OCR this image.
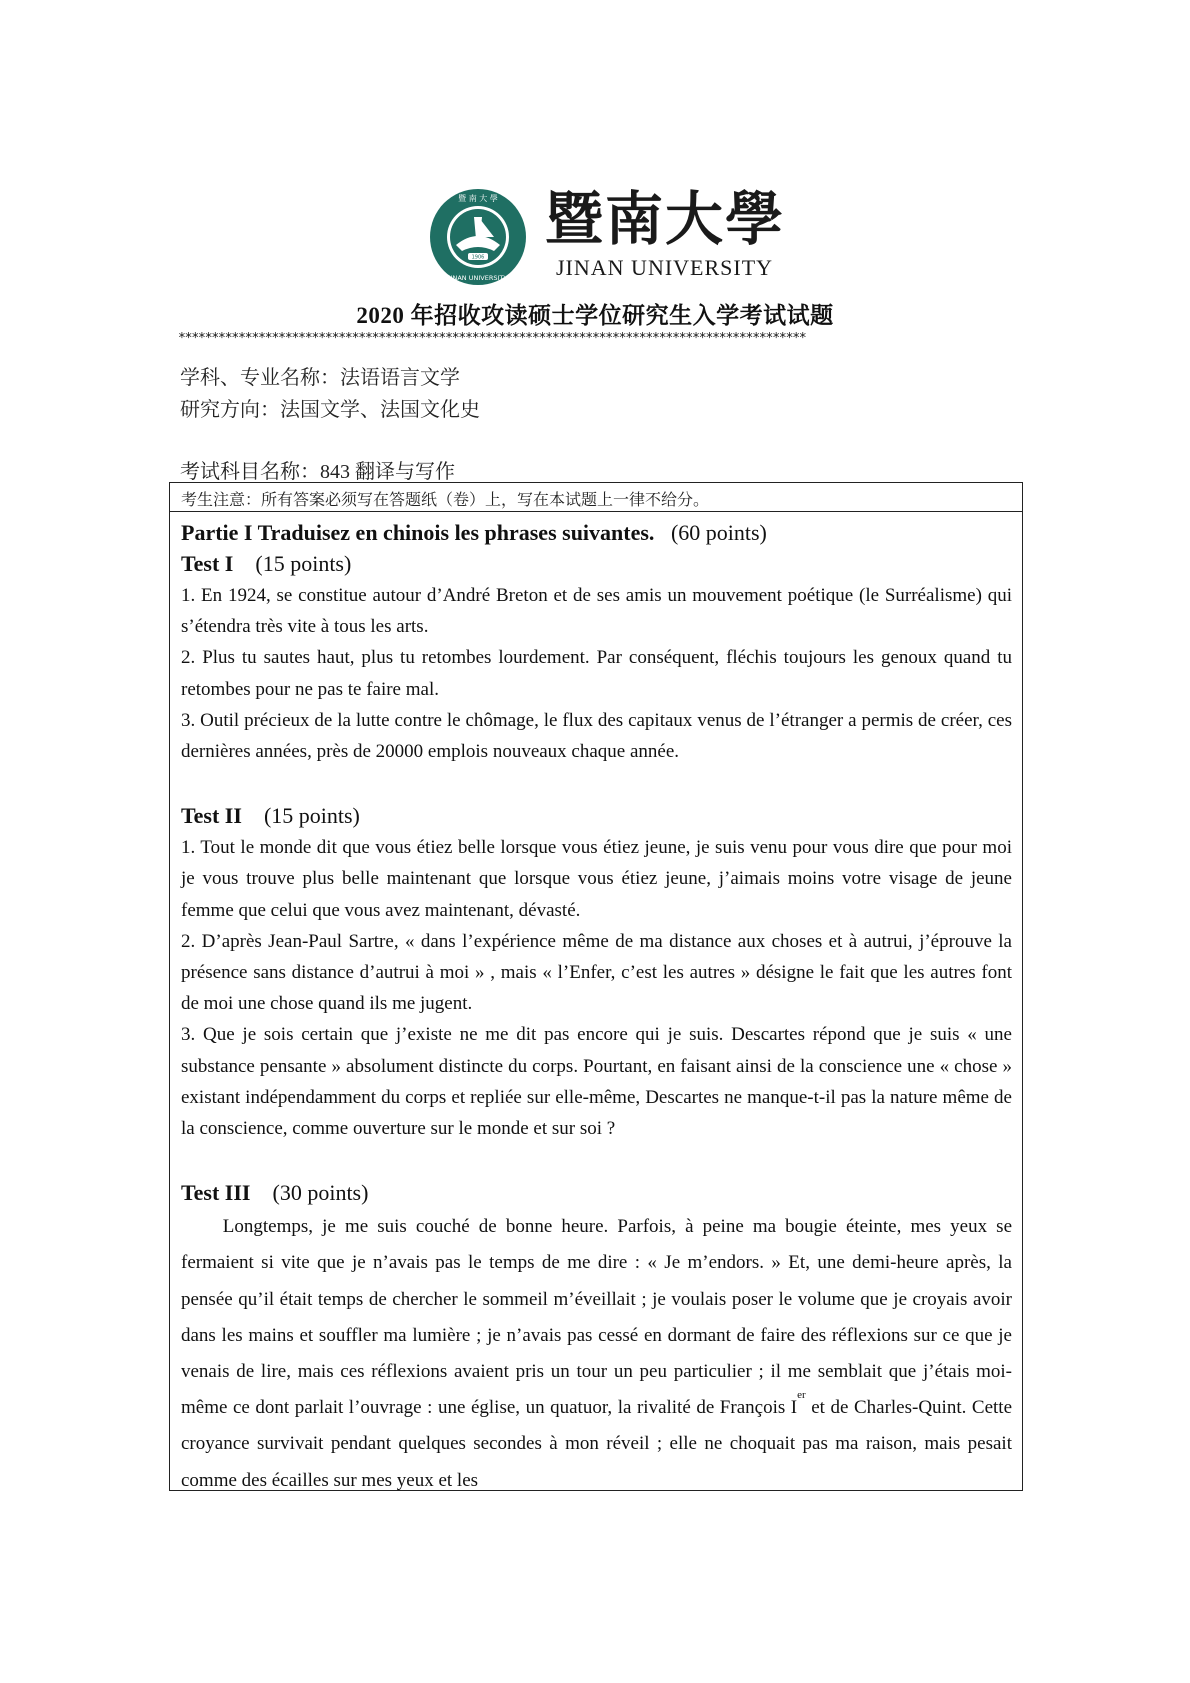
1906
暨 南 大 學
JINAN UNIVERSITY
暨南大學
JINAN UNIVERSITY
2020 年招收攻读硕士学位研究生入学考试试题
**********************************************************************************************
学科、专业名称：法语语言文学
研究方向：法国文学、法国文化史
考试科目名称：843 翻译与写作
考生注意：所有答案必须写在答题纸（卷）上，写在本试题上一律不给分。
Partie I Traduisez en chinois les phrases suivantes. (60 points)

Test I (15 points)

1. En 1924, se constitue autour d’André Breton et de ses amis un mouvement poétique (le Surréalisme) qui s’étendra très vite à tous les arts.

2. Plus tu sautes haut, plus tu retombes lourdement. Par conséquent, fléchis toujours les genoux quand tu retombes pour ne pas te faire mal.

3. Outil précieux de la lutte contre le chômage, le flux des capitaux venus de l’étranger a permis de créer, ces dernières années, près de 20000 emplois nouveaux chaque année.

Test II (15 points)

1. Tout le monde dit que vous étiez belle lorsque vous étiez jeune, je suis venu pour vous dire que pour moi je vous trouve plus belle maintenant que lorsque vous étiez jeune, j’aimais moins votre visage de jeune femme que celui que vous avez maintenant, dévasté.

2. D’après Jean-Paul Sartre, « dans l’expérience même de ma distance aux choses et à autrui, j’éprouve la présence sans distance d’autrui à moi » , mais « l’Enfer, c’est les autres » désigne le fait que les autres font de moi une chose quand ils me jugent.

3. Que je sois certain que j’existe ne me dit pas encore qui je suis. Descartes répond que je suis « une substance pensante » absolument distincte du corps. Pourtant, en faisant ainsi de la conscience une « chose » existant indépendamment du corps et repliée sur elle-même, Descartes ne manque-t-il pas la nature même de la conscience, comme ouverture sur le monde et sur soi ?

Test III (30 points)

Longtemps, je me suis couché de bonne heure. Parfois, à peine ma bougie éteinte, mes yeux se fermaient si vite que je n’avais pas le temps de me dire : « Je m’endors. » Et, une demi-heure après, la pensée qu’il était temps de chercher le sommeil m’éveillait ; je voulais poser le volume que je croyais avoir dans les mains et souffler ma lumière ; je n’avais pas cessé en dormant de faire des réflexions sur ce que je venais de lire, mais ces réflexions avaient pris un tour un peu particulier ; il me semblait que j’étais moi-même ce dont parlait l’ouvrage : une église, un quatuor, la rivalité de François Ier et de Charles-Quint. Cette croyance survivait pendant quelques secondes à mon réveil ; elle ne choquait pas ma raison, mais pesait comme des écailles sur mes yeux et les
